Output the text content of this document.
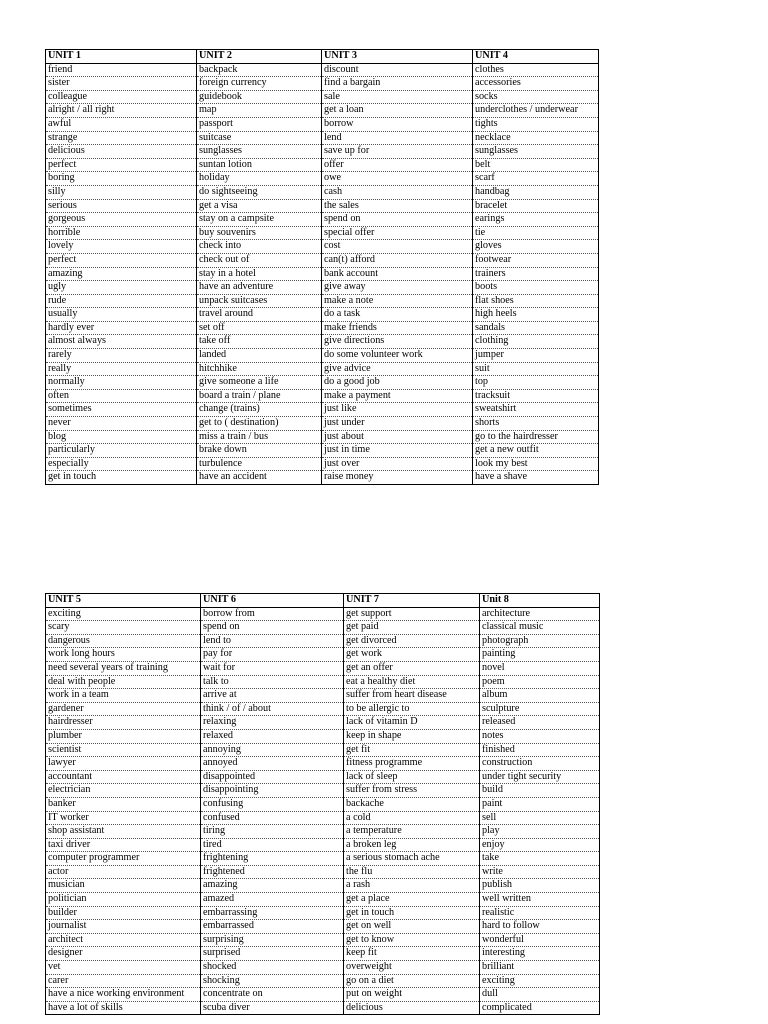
UNIT 1	UNIT 2	UNIT 3	UNIT 4
friend	backpack	discount	clothes
sister	foreign currency	find a bargain	accessories
colleague	guidebook	sale	socks
alright / all right	map	get a loan	underclothes / underwear
awful	passport	borrow	tights
strange	suitcase	lend	necklace
delicious	sunglasses	save up for	sunglasses
perfect	suntan lotion	offer	belt
boring	holiday	owe	scarf
silly	do sightseeing	cash	handbag
serious	get a visa	the sales	bracelet
gorgeous	stay on a campsite	spend on	earings
horrible	buy souvenirs	special offer	tie
lovely	check into	cost	gloves
perfect	check out of	can(t) afford	footwear
amazing	stay in a hotel	bank account	trainers
ugly	have an adventure	give away	boots
rude	unpack suitcases	make a note	flat shoes
usually	travel around	do a task	high heels
hardly ever	set off	make friends	sandals
almost always	take off	give directions	clothing
rarely	landed	do some volunteer work	jumper
really	hitchhike	give advice	suit
normally	give someone a life	do a good job	top
often	board a train / plane	make a payment	tracksuit
sometimes	change (trains)	just like	sweatshirt
never	get to ( destination)	just under	shorts
blog	miss a train / bus	just about	go to the hairdresser
particularly	brake down	just in time	get a new outfit
especially	turbulence	just over	look my best
get in touch	have an accident	raise money	have a shave
UNIT 5	UNIT 6	UNIT 7	Unit 8
exciting	borrow from	get support	architecture
scary	spend on	get paid	classical music
dangerous	lend to	get divorced	photograph
work long hours	pay for	get work	painting
need several years of training	wait for	get an offer	novel
deal with people	talk to	eat a healthy diet	poem
work in a team	arrive at	suffer from heart disease	album
gardener	think / of / about	to be allergic to	sculpture
hairdresser	relaxing	lack of vitamin D	released
plumber	relaxed	keep in shape	notes
scientist	annoying	get fit	finished
lawyer	annoyed	fitness programme	construction
accountant	disappointed	lack of sleep	under tight security
electrician	disappointing	suffer from stress	build
banker	confusing	backache	paint
IT worker	confused	a cold	sell
shop assistant	tiring	a temperature	play
taxi driver	tired	a broken leg	enjoy
computer programmer	frightening	a serious stomach ache	take
actor	frightened	the flu	write
musician	amazing	a rash	publish
politician	amazed	get a place	well written
builder	embarrassing	get in touch	realistic
journalist	embarrassed	get on well	hard to follow
architect	surprising	get to know	wonderful
designer	surprised	keep fit	interesting
vet	shocked	overweight	brilliant
carer	shocking	go on a diet	exciting
have a nice working environment	concentrate on	put on weight	dull
have a lot of skills	scuba diver	delicious	complicated
